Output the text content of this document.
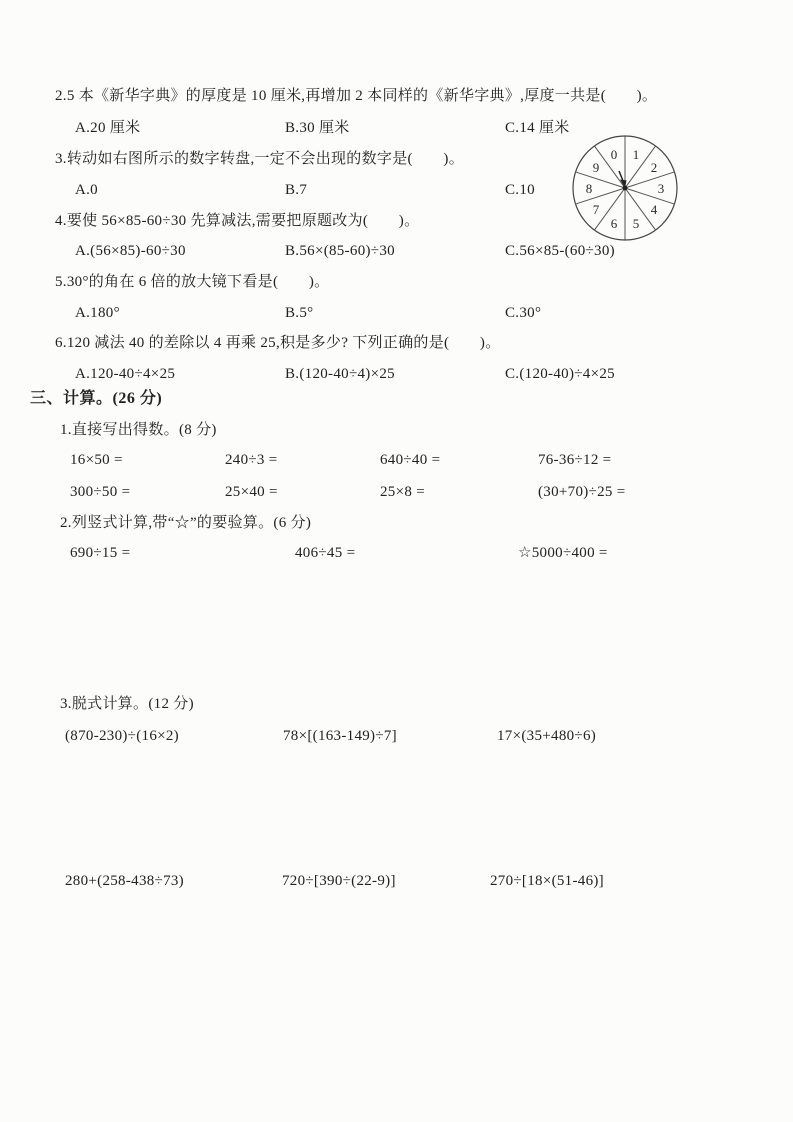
2.5 本《新华字典》的厚度是 10 厘米,再增加 2 本同样的《新华字典》,厚度一共是(　　)。
A.20 厘米	B.30 厘米	C.14 厘米
3.转动如右图所示的数字转盘,一定不会出现的数字是(　　)。
A.0	B.7	C.10
0 1
2
3
4
5
6
7
8
9
4.要使 56×85-60÷30 先算减法,需要把原题改为(　　)。
A.(56×85)-60÷30	B.56×(85-60)÷30	C.56×85-(60÷30)
5.30°的角在 6 倍的放大镜下看是(　　)。
A.180°	B.5°	C.30°
6.120 减法 40 的差除以 4 再乘 25,积是多少? 下列正确的是(　　)。
A.120-40÷4×25	B.(120-40÷4)×25	C.(120-40)÷4×25
三、计算。(26 分)
1.直接写出得数。(8 分)
16×50 =	240÷3 =	640÷40 =	76-36÷12 =
300÷50 =	25×40 =	25×8 =	(30+70)÷25 =
2.列竖式计算,带“☆”的要验算。(6 分)
690÷15 =	406÷45 =	☆5000÷400 =
3.脱式计算。(12 分)
(870-230)÷(16×2)	78×[(163-149)÷7]	17×(35+480÷6)
280+(258-438÷73)	720÷[390÷(22-9)]	270÷[18×(51-46)]
